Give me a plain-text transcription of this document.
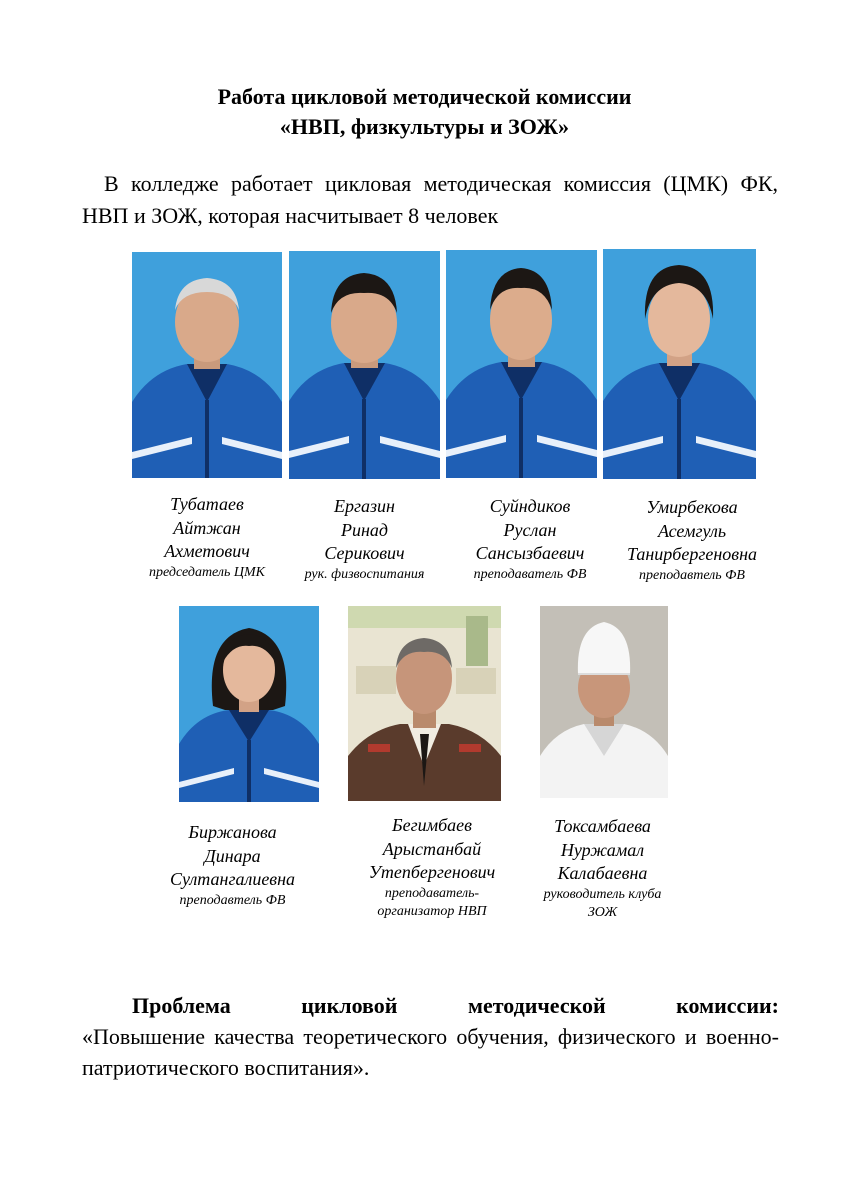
Работа цикловой методической комиссии
«НВП, физкультуры и ЗОЖ»

В колледже работает цикловая методическая комиссия (ЦМК) ФК, НВП и ЗОЖ, которая насчитывает 8 человек

Тубатаев
Айтжан
Ахметович
председатель ЦМК
Ергазин
Ринад
Серикович
рук. физвоспитания
Суйндиков
Руслан
Сансызбаевич
преподаватель ФВ
Умирбекова
Асемгуль
Танирбергеновна
преподавтель ФВ
Биржанова
Динара
Султангалиевна
преподавтель ФВ
Бегимбаев
Арыстанбай
Утепбергенович
преподаватель-организатор НВП
Токсамбаева
Нуржамал
Калабаевна
руководитель клуба ЗОЖ
Проблема цикловой методической комиссии:
«Повышение качества теоретического обучения, физического и военно-патриотического воспитания».
